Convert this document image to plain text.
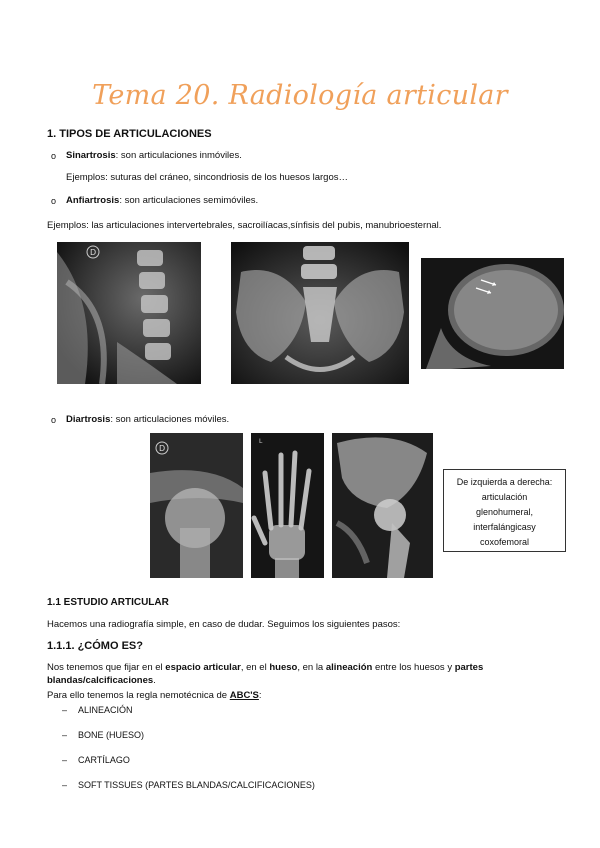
Tema 20. Radiología articular
1. TIPOS DE ARTICULACIONES
o Sinartrosis: son articulaciones inmóviles.
Ejemplos: suturas del cráneo, sincondriosis de los huesos largos…
o Anfiartrosis: son articulaciones semimóviles.
Ejemplos: las articulaciones intervertebrales, sacroilíacas,sínfisis del pubis, manubrioesternal.
D
o Diartrosis: son articulaciones móviles.
D
L
De izquierda a derecha:
articulación
glenohumeral,
interfalángicasy
coxofemoral
1.1 ESTUDIO ARTICULAR
Hacemos una radiografía simple, en caso de dudar. Seguimos los siguientes pasos:
1.1.1. ¿CÓMO ES?
Nos tenemos que fijar en el espacio articular, en el hueso, en la alineación entre los huesos y partes
blandas/calcificaciones.
Para ello tenemos la regla nemotécnica de ABC'S:
– ALINEACIÓN
– BONE (HUESO)
– CARTÍLAGO
– SOFT TISSUES (PARTES BLANDAS/CALCIFICACIONES)
